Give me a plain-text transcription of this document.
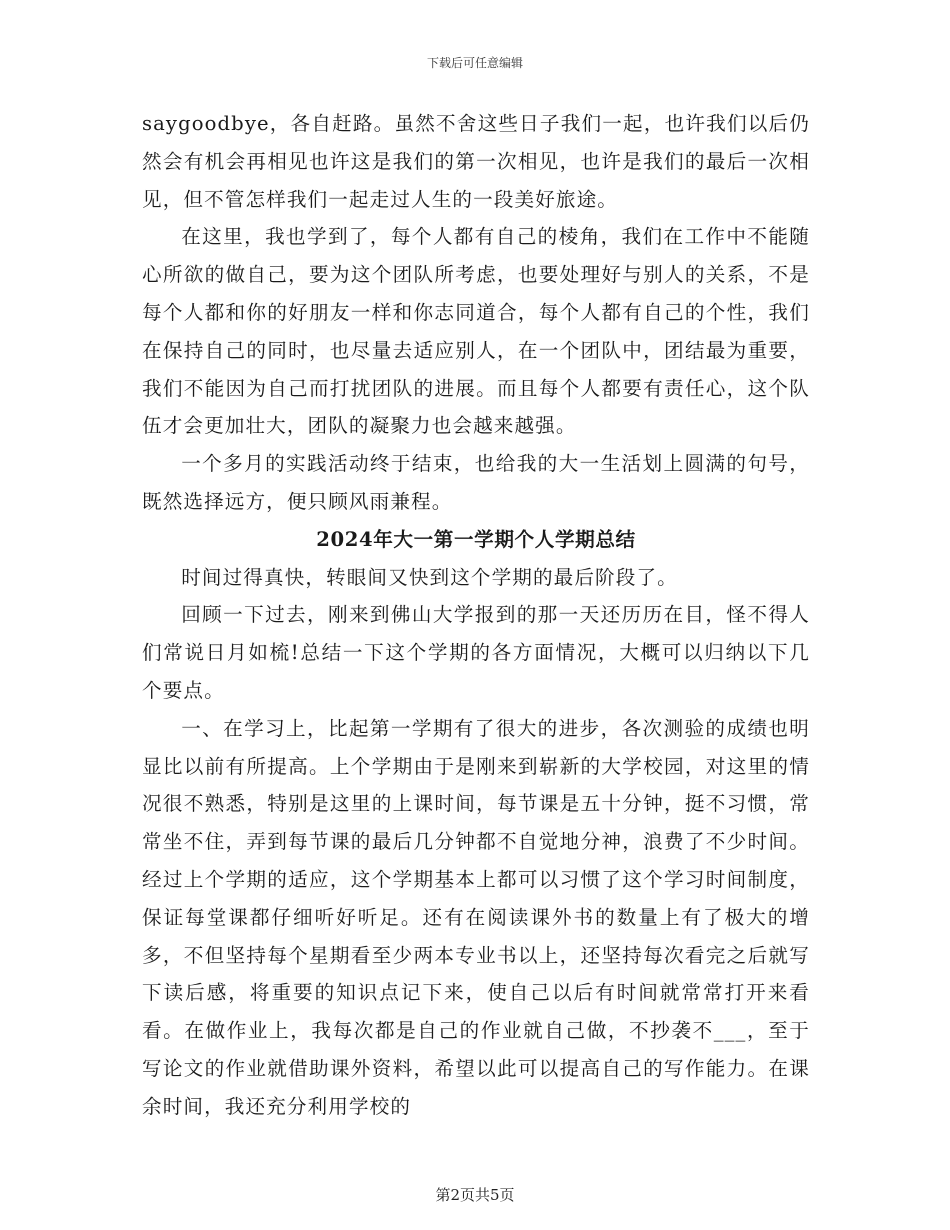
下载后可任意编辑

saygoodbye，各自赶路。虽然不舍这些日子我们一起，也许我们以后仍然会有机会再相见也许这是我们的第一次相见，也许是我们的最后一次相见，但不管怎样我们一起走过人生的一段美好旅途。

在这里，我也学到了，每个人都有自己的棱角，我们在工作中不能随心所欲的做自己，要为这个团队所考虑，也要处理好与别人的关系，不是每个人都和你的好朋友一样和你志同道合，每个人都有自己的个性，我们在保持自己的同时，也尽量去适应别人，在一个团队中，团结最为重要，我们不能因为自己而打扰团队的进展。而且每个人都要有责任心，这个队伍才会更加壮大，团队的凝聚力也会越来越强。

一个多月的实践活动终于结束，也给我的大一生活划上圆满的句号，既然选择远方，便只顾风雨兼程。

2024年大一第一学期个人学期总结

时间过得真快，转眼间又快到这个学期的最后阶段了。

回顾一下过去，刚来到佛山大学报到的那一天还历历在目，怪不得人们常说日月如梳!总结一下这个学期的各方面情况，大概可以归纳以下几个要点。

一、在学习上，比起第一学期有了很大的进步，各次测验的成绩也明显比以前有所提高。上个学期由于是刚来到崭新的大学校园，对这里的情况很不熟悉，特别是这里的上课时间，每节课是五十分钟，挺不习惯，常常坐不住，弄到每节课的最后几分钟都不自觉地分神，浪费了不少时间。经过上个学期的适应，这个学期基本上都可以习惯了这个学习时间制度，保证每堂课都仔细听好听足。还有在阅读课外书的数量上有了极大的增多，不但坚持每个星期看至少两本专业书以上，还坚持每次看完之后就写下读后感，将重要的知识点记下来，使自己以后有时间就常常打开来看看。在做作业上，我每次都是自己的作业就自己做，不抄袭不___，至于写论文的作业就借助课外资料，希望以此可以提高自己的写作能力。在课余时间，我还充分利用学校的

第2页共5页
